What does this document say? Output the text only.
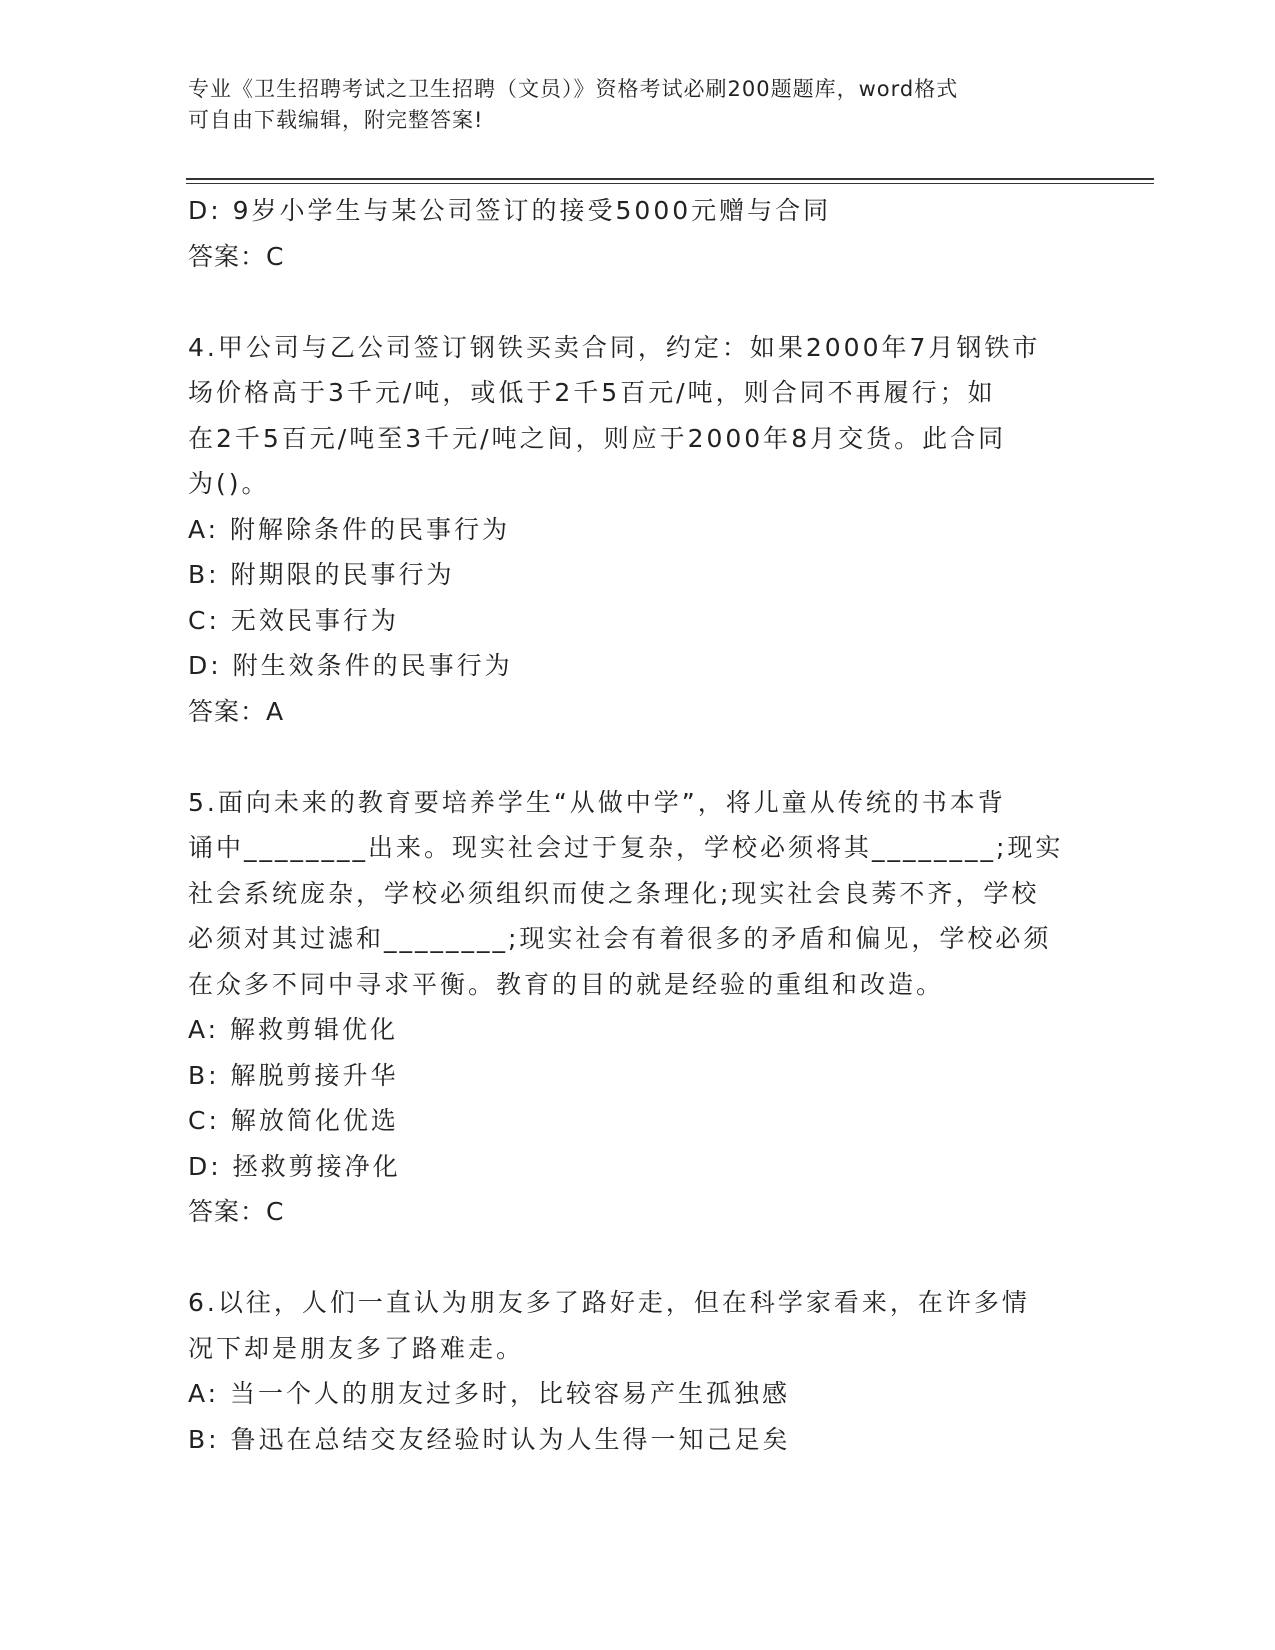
专业《卫生招聘考试之卫生招聘（文员）》资格考试必刷200题题库，word格式
可自由下载编辑，附完整答案!
D: 9岁小学生与某公司签订的接受5000元赠与合同
答案：C
4.甲公司与乙公司签订钢铁买卖合同，约定：如果2000年7月钢铁市
场价格高于3千元/吨，或低于2千5百元/吨，则合同不再履行；如
在2千5百元/吨至3千元/吨之间，则应于2000年8月交货。此合同
为()。
A: 附解除条件的民事行为
B: 附期限的民事行为
C: 无效民事行为
D: 附生效条件的民事行为
答案：A
5.面向未来的教育要培养学生“从做中学”，将儿童从传统的书本背
诵中________出来。现实社会过于复杂，学校必须将其________;现实
社会系统庞杂，学校必须组织而使之条理化;现实社会良莠不齐，学校
必须对其过滤和________;现实社会有着很多的矛盾和偏见，学校必须
在众多不同中寻求平衡。教育的目的就是经验的重组和改造。
A: 解救剪辑优化
B: 解脱剪接升华
C: 解放简化优选
D: 拯救剪接净化
答案：C
6.以往，人们一直认为朋友多了路好走，但在科学家看来，在许多情
况下却是朋友多了路难走。
A: 当一个人的朋友过多时，比较容易产生孤独感
B: 鲁迅在总结交友经验时认为人生得一知己足矣
